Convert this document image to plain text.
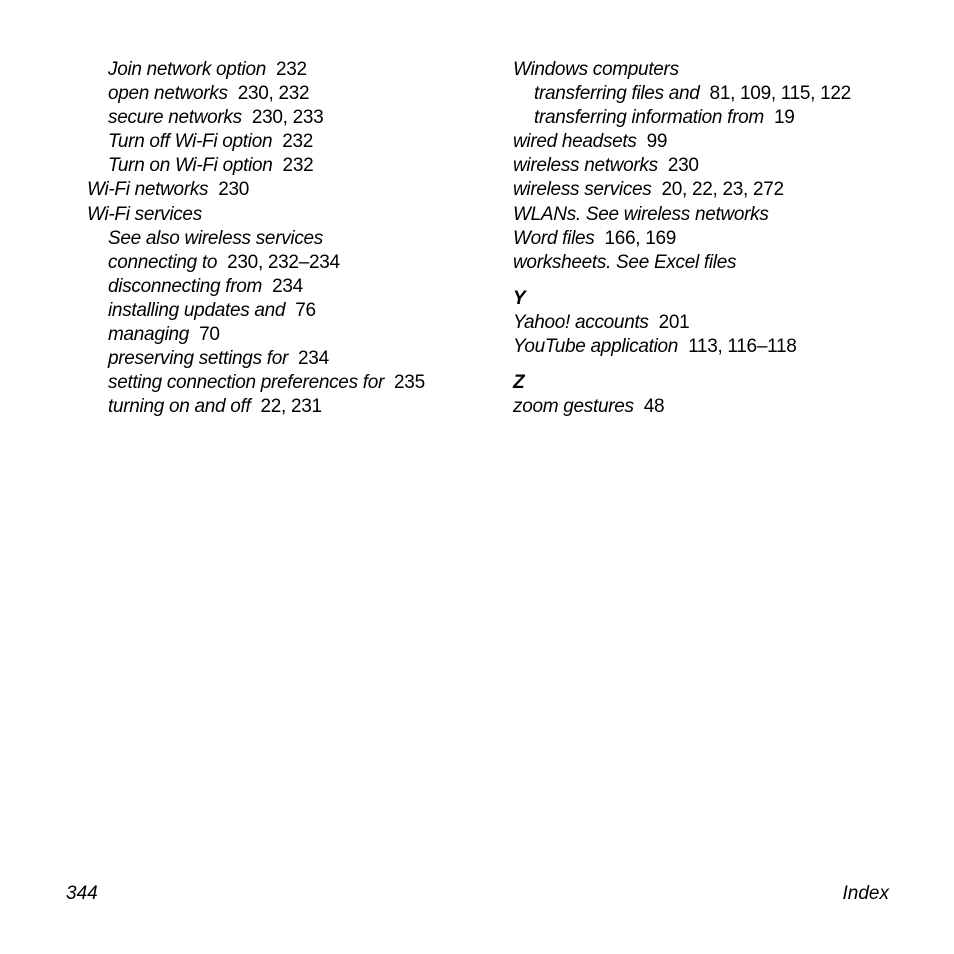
Join network option 232
open networks 230, 232
secure networks 230, 233
Turn off Wi-Fi option 232
Turn on Wi-Fi option 232
Wi-Fi networks 230
Wi-Fi services
See also wireless services
connecting to 230, 232–234
disconnecting from 234
installing updates and 76
managing 70
preserving settings for 234
setting connection preferences for 235
turning on and off 22, 231
Windows computers
transferring files and 81, 109, 115, 122
transferring information from 19
wired headsets 99
wireless networks 230
wireless services 20, 22, 23, 272
WLANs. See wireless networks
Word files 166, 169
worksheets. See Excel files
Y
Yahoo! accounts 201
YouTube application 113, 116–118
Z
zoom gestures 48
344	Index
